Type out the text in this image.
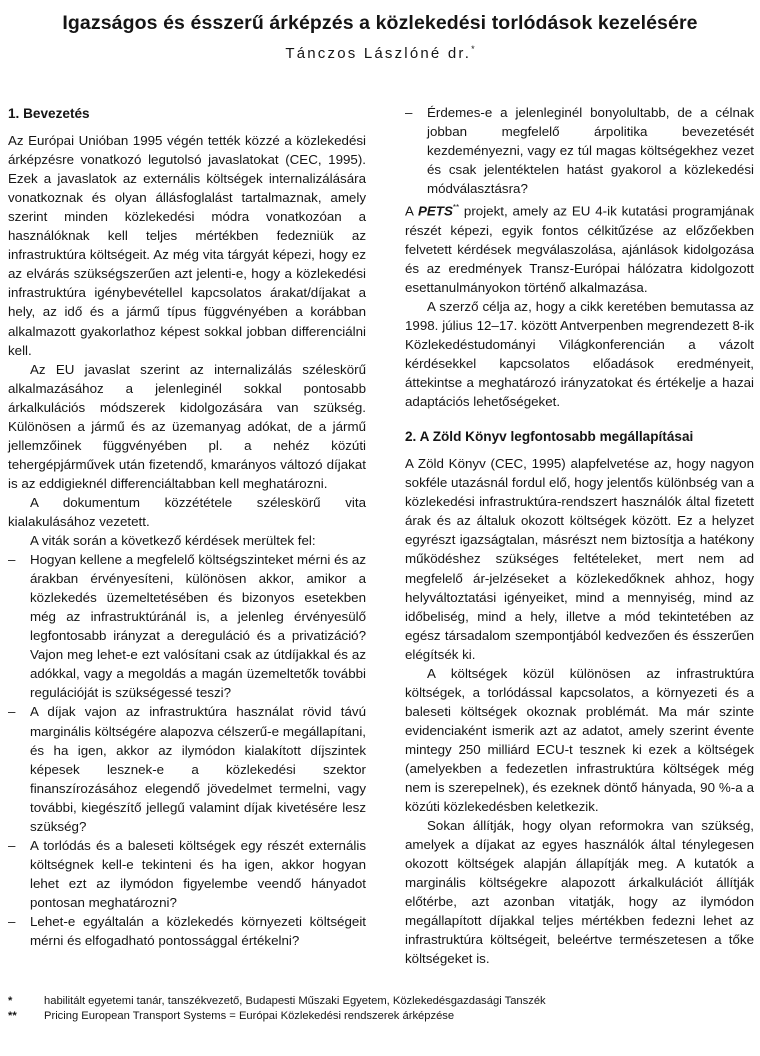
Igazságos és ésszerű árképzés a közlekedési torlódások kezelésére
Tánczos Lászlóné dr.*
1. Bevezetés

Az Európai Unióban 1995 végén tették közzé a közlekedési árképzésre vonatkozó legutolsó javaslatokat (CEC, 1995). Ezek a javaslatok az externális költségek internalizálására vonatkoznak és olyan állásfoglalást tartalmaznak, amely szerint minden közlekedési módra vonatkozóan a használóknak kell teljes mértékben fedezniük az infrastruktúra költségeit. Az még vita tárgyát képezi, hogy ez az elvárás szükségszerűen azt jelenti-e, hogy a közlekedési infrastruktúra igénybevétellel kapcsolatos árakat/díjakat a hely, az idő és a jármű típus függvényében a korábban alkalmazott gyakorlathoz képest sokkal jobban differenciálni kell.

Az EU javaslat szerint az internalizálás széleskörű alkalmazásához a jelenleginél sokkal pontosabb árkalkulációs módszerek kidolgozására van szükség. Különösen a jármű és az üzemanyag adókat, de a jármű jellemzőinek függvényében pl. a nehéz közúti tehergépjárművek után fizetendő, kmarányos változó díjakat is az eddigieknél differenciáltabban kell meghatározni.

A dokumentum közzététele széleskörű vita kialakulásához vezetett.

A viták során a következő kérdések merültek fel:

– Hogyan kellene a megfelelő költségszinteket mérni és az árakban érvényesíteni, különösen akkor, amikor a közlekedés üzemeltetésében és bizonyos esetekben még az infrastruktúránál is, a jelenleg érvényesülő legfontosabb irányzat a dereguláció és a privatizáció? Vajon meg lehet-e ezt valósítani csak az útdíjakkal és az adókkal, vagy a megoldás a magán üzemeltetők további regulációját is szükségessé teszi?
– A díjak vajon az infrastruktúra használat rövid távú marginális költségére alapozva célszerű-e megállapítani, és ha igen, akkor az ilymódon kialakított díjszintek képesek lesznek-e a közlekedési szektor finanszírozásához elegendő jövedelmet termelni, vagy további, kiegészítő jellegű valamint díjak kivetésére lesz szükség?
– A torlódás és a baleseti költségek egy részét externális költségnek kell-e tekinteni és ha igen, akkor hogyan lehet ezt az ilymódon figyelembe veendő hányadot pontosan meghatározni?
– Lehet-e egyáltalán a közlekedés környezeti költségeit mérni és elfogadható pontossággal értékelni?
– Érdemes-e a jelenleginél bonyolultabb, de a célnak jobban megfelelő árpolitika bevezetését kezdeményezni, vagy ez túl magas költségekhez vezet és csak jelentéktelen hatást gyakorol a közlekedési módválasztásra?

A PETS** projekt, amely az EU 4-ik kutatási programjának részét képezi, egyik fontos célkitűzése az előzőekben felvetett kérdések megválaszolása, ajánlások kidolgozása és az eredmények Transz-Európai hálózatra kidolgozott esettanulmányokon történő alkalmazása.

A szerző célja az, hogy a cikk keretében bemutassa az 1998. július 12–17. között Antverpenben megrendezett 8-ik Közlekedéstudományi Világkonferencián a vázolt kérdésekkel kapcsolatos előadások eredményeit, áttekintse a meghatározó irányzatokat és értékelje a hazai adaptációs lehetőségeket.

2. A Zöld Könyv legfontosabb megállapításai

A Zöld Könyv (CEC, 1995) alapfelvetése az, hogy nagyon sokféle utazásnál fordul elő, hogy jelentős különbség van a közlekedési infrastruktúra-rendszert használók által fizetett árak és az általuk okozott költségek között. Ez a helyzet egyrészt igazságtalan, másrészt nem biztosítja a hatékony működéshez szükséges feltételeket, mert nem ad megfelelő ár-jelzéseket a közlekedőknek ahhoz, hogy helyváltoztatási igényeiket, mind a mennyiség, mind az időbeliség, mind a hely, illetve a mód tekintetében az egész társadalom szempontjából kedvezően és ésszerűen elégítsék ki.

A költségek közül különösen az infrastruktúra költségek, a torlódással kapcsolatos, a környezeti és a baleseti költségek okoznak problémát. Ma már szinte evidenciaként ismerik azt az adatot, amely szerint évente mintegy 250 milliárd ECU-t tesznek ki ezek a költségek (amelyekben a fedezetlen infrastruktúra költségek még nem is szerepelnek), és ezeknek döntő hányada, 90 %-a a közúti közlekedésben keletkezik.

Sokan állítják, hogy olyan reformokra van szükség, amelyek a díjakat az egyes használók által ténylegesen okozott költségek alapján állapítják meg. A kutatók a marginális költségekre alapozott árkalkulációt állítják előtérbe, azt azonban vitatják, hogy az ilymódon megállapított díjakkal teljes mértékben fedezni lehet az infrastruktúra költségeit, beleértve természetesen a tőke költségeket is.

*	habilitált egyetemi tanár, tanszékvezető, Budapesti Műszaki Egyetem, Közlekedésgazdasági Tanszék
** Pricing European Transport Systems = Európai Közlekedési rendszerek árképzése
